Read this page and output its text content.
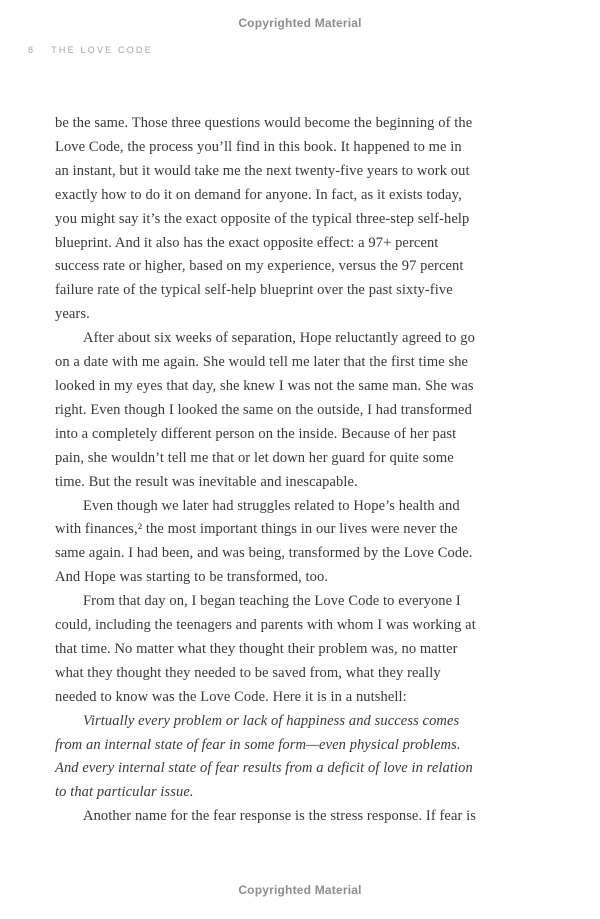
Copyrighted Material
8 THE LOVE CODE

be the same. Those three questions would become the beginning of the
Love Code, the process you’ll find in this book. It happened to me in
an instant, but it would take me the next twenty-five years to work out
exactly how to do it on demand for anyone. In fact, as it exists today,
you might say it’s the exact opposite of the typical three-step self-help
blueprint. And it also has the exact opposite effect: a 97+ percent
success rate or higher, based on my experience, versus the 97 percent
failure rate of the typical self-help blueprint over the past sixty-five
years.

After about six weeks of separation, Hope reluctantly agreed to go
on a date with me again. She would tell me later that the first time she
looked in my eyes that day, she knew I was not the same man. She was
right. Even though I looked the same on the outside, I had transformed
into a completely different person on the inside. Because of her past
pain, she wouldn’t tell me that or let down her guard for quite some
time. But the result was inevitable and inescapable.

Even though we later had struggles related to Hope’s health and
with finances,² the most important things in our lives were never the
same again. I had been, and was being, transformed by the Love Code.
And Hope was starting to be transformed, too.

From that day on, I began teaching the Love Code to everyone I
could, including the teenagers and parents with whom I was working at
that time. No matter what they thought their problem was, no matter
what they thought they needed to be saved from, what they really
needed to know was the Love Code. Here it is in a nutshell:

Virtually every problem or lack of happiness and success comes
from an internal state of fear in some form—even physical problems.
And every internal state of fear results from a deficit of love in relation
to that particular issue.

Another name for the fear response is the stress response. If fear is

Copyrighted Material
